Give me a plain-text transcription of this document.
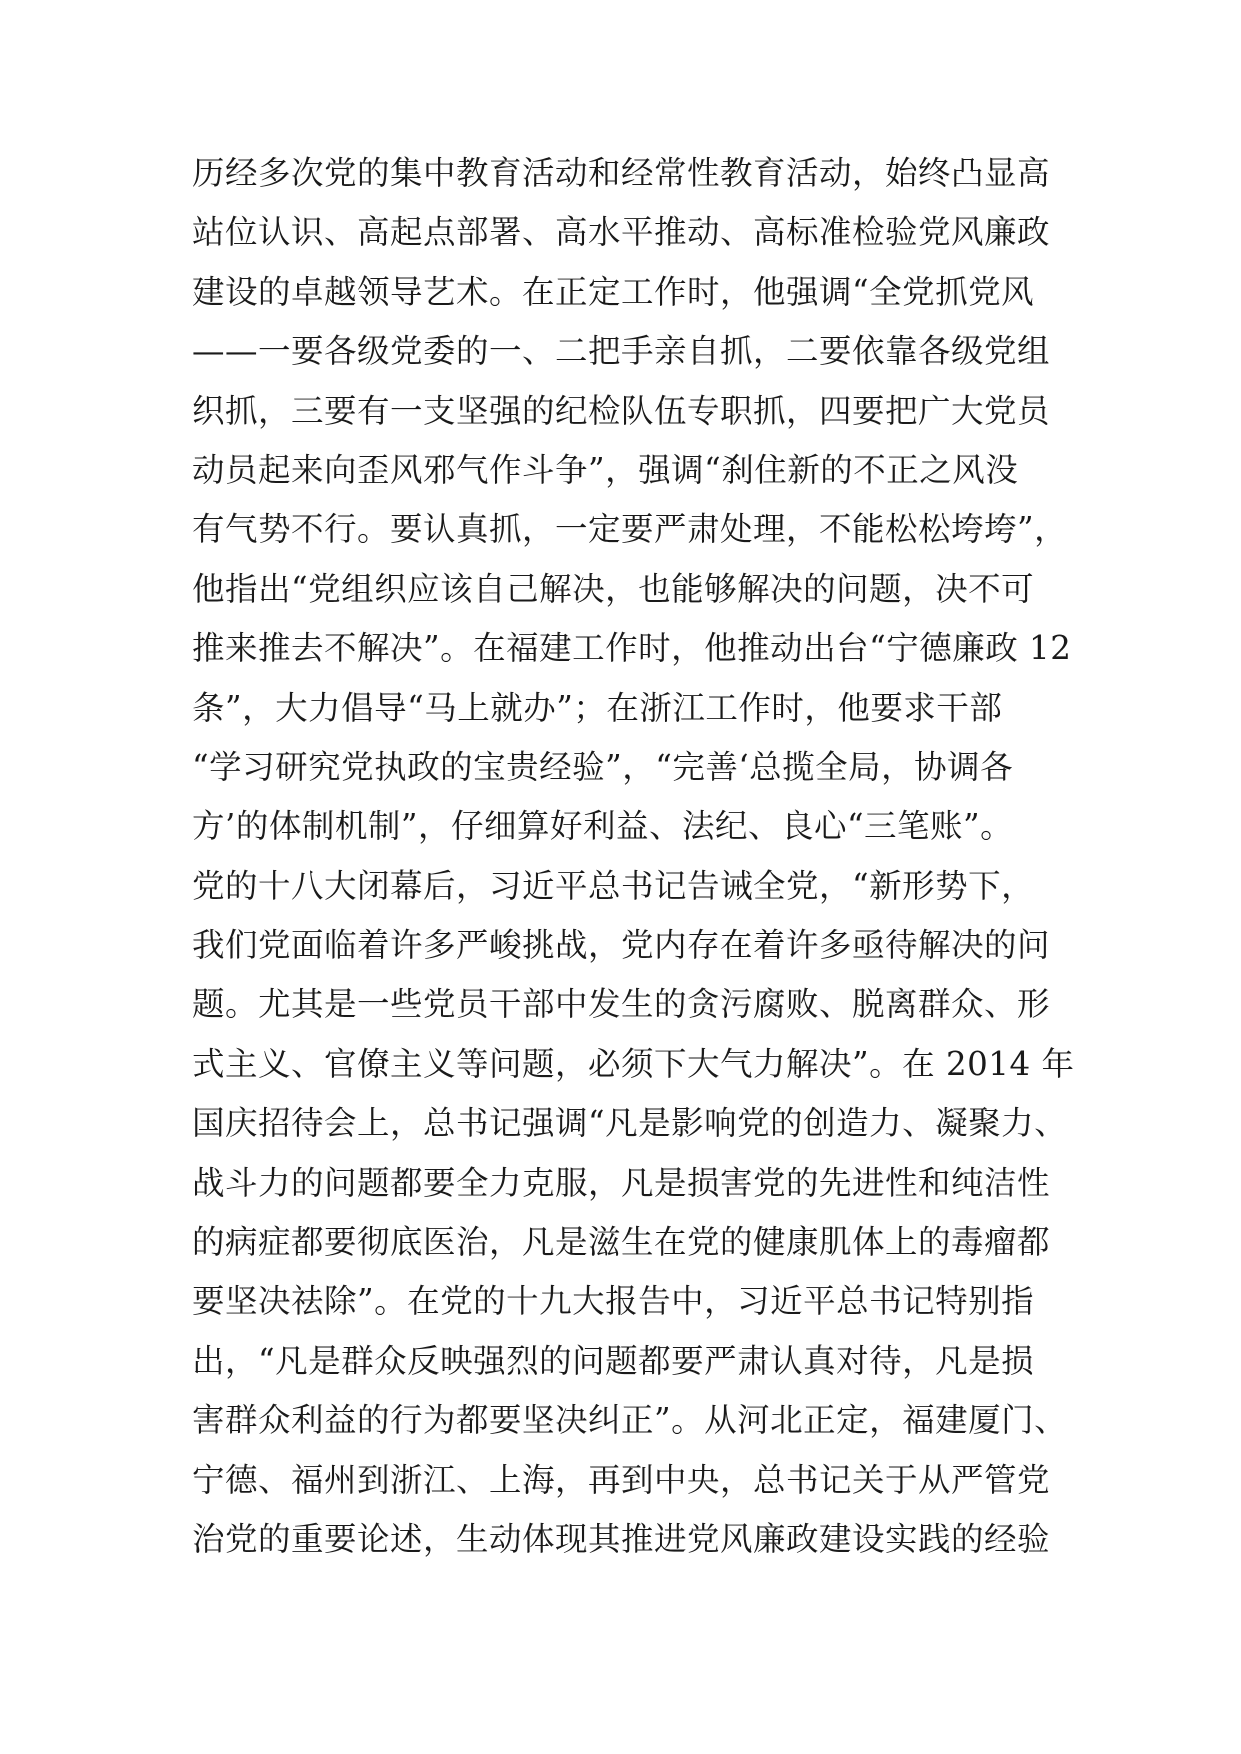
历经多次党的集中教育活动和经常性教育活动，始终凸显高
站位认识、高起点部署、高水平推动、高标准检验党风廉政
建设的卓越领导艺术。在正定工作时，他强调“全党抓党风
——一要各级党委的一、二把手亲自抓，二要依靠各级党组
织抓，三要有一支坚强的纪检队伍专职抓，四要把广大党员
动员起来向歪风邪气作斗争”，强调“刹住新的不正之风没
有气势不行。要认真抓，一定要严肃处理，不能松松垮垮”，
他指出“党组织应该自己解决，也能够解决的问题，决不可
推来推去不解决”。在福建工作时，他推动出台“宁德廉政 12
条”，大力倡导“马上就办”；在浙江工作时，他要求干部
“学习研究党执政的宝贵经验”，“完善‘总揽全局，协调各
方’的体制机制”，仔细算好利益、法纪、良心“三笔账”。
党的十八大闭幕后，习近平总书记告诫全党，“新形势下，
我们党面临着许多严峻挑战，党内存在着许多亟待解决的问
题。尤其是一些党员干部中发生的贪污腐败、脱离群众、形
式主义、官僚主义等问题，必须下大气力解决”。在 2014 年
国庆招待会上，总书记强调“凡是影响党的创造力、凝聚力、
战斗力的问题都要全力克服，凡是损害党的先进性和纯洁性
的病症都要彻底医治，凡是滋生在党的健康肌体上的毒瘤都
要坚决祛除”。在党的十九大报告中，习近平总书记特别指
出，“凡是群众反映强烈的问题都要严肃认真对待，凡是损
害群众利益的行为都要坚决纠正”。从河北正定，福建厦门、
宁德、福州到浙江、上海，再到中央，总书记关于从严管党
治党的重要论述，生动体现其推进党风廉政建设实践的经验
